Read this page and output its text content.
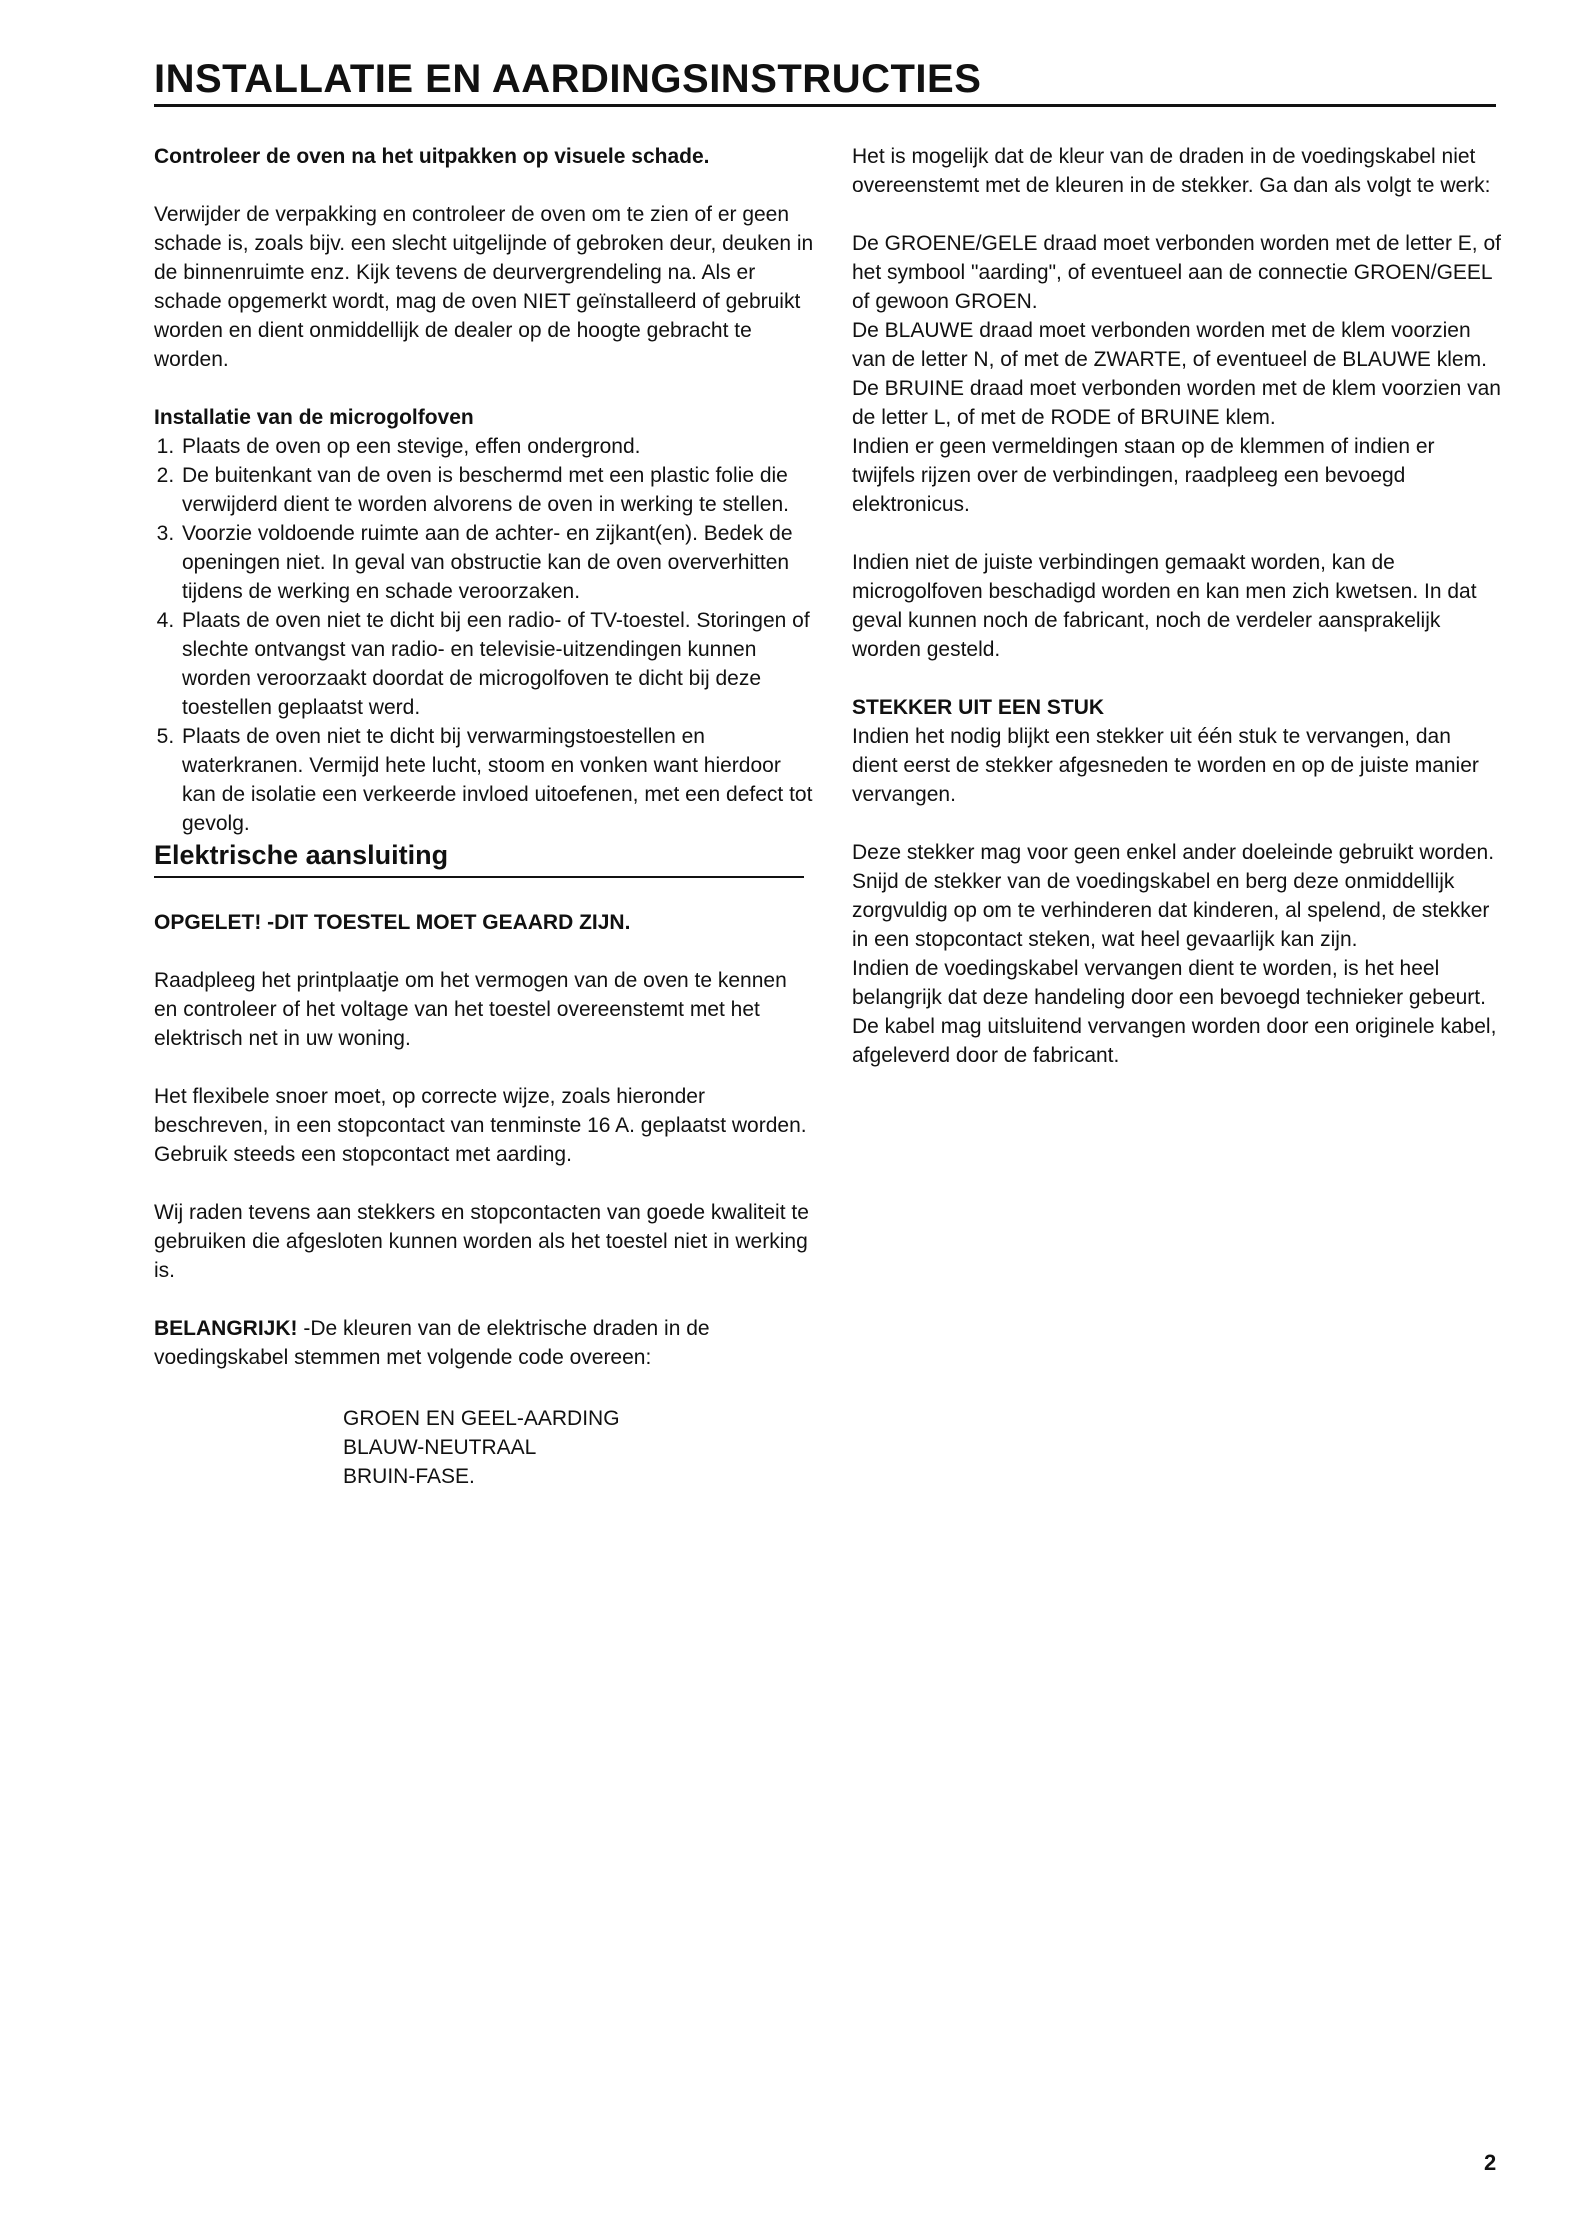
INSTALLATIE EN AARDINGSINSTRUCTIES

Controleer de oven na het uitpakken op visuele schade.

Verwijder de verpakking en controleer de oven om te zien of er geen schade is, zoals bijv. een slecht uitgelijnde of gebroken deur, deuken in de binnenruimte enz. Kijk tevens de deurvergrendeling na. Als er schade opgemerkt wordt, mag de oven NIET geïnstalleerd of gebruikt worden en dient onmiddellijk de dealer op de hoogte gebracht te worden.

Installatie van de microgolfoven

1. Plaats de oven op een stevige, effen ondergrond.
2. De buitenkant van de oven is beschermd met een plastic folie die verwijderd dient te worden alvorens de oven in werking te stellen.
3. Voorzie voldoende ruimte aan de achter- en zijkant(en). Bedek de openingen niet. In geval van obstructie kan de oven oververhitten tijdens de werking en schade veroorzaken.
4. Plaats de oven niet te dicht bij een radio- of TV-toestel. Storingen of slechte ontvangst van radio- en televisie-uitzendingen kunnen worden veroorzaakt doordat de microgolfoven te dicht bij deze toestellen geplaatst werd.
5. Plaats de oven niet te dicht bij verwarmingstoestellen en waterkranen. Vermijd hete lucht, stoom en vonken want hierdoor kan de isolatie een verkeerde invloed uitoefenen, met een defect tot gevolg.

Elektrische aansluiting

OPGELET! -DIT TOESTEL MOET GEAARD ZIJN.

Raadpleeg het printplaatje om het vermogen van de oven te kennen en controleer of het voltage van het toestel overeenstemt met het elektrisch net in uw woning.

Het flexibele snoer moet, op correcte wijze, zoals hieronder beschreven, in een stopcontact van tenminste 16 A. geplaatst worden. Gebruik steeds een stopcontact met aarding.

Wij raden tevens aan stekkers en stopcontacten van goede kwaliteit te gebruiken die afgesloten kunnen worden als het toestel niet in werking is.

BELANGRIJK! -De kleuren van de elektrische draden in de voedingskabel stemmen met volgende code overeen:

GROEN EN GEEL-AARDING

BLAUW-NEUTRAAL

BRUIN-FASE.

Het is mogelijk dat de kleur van de draden in de voedingskabel niet overeenstemt met de kleuren in de stekker. Ga dan als volgt te werk:

De GROENE/GELE draad moet verbonden worden met de letter E, of het symbool "aarding", of eventueel aan de connectie GROEN/GEEL of gewoon GROEN.

De BLAUWE draad moet verbonden worden met de klem voorzien van de letter N, of met de ZWARTE, of eventueel de BLAUWE klem.

De BRUINE draad moet verbonden worden met de klem voorzien van de letter L, of met de RODE of BRUINE klem.

Indien er geen vermeldingen staan op de klemmen of indien er twijfels rijzen over de verbindingen, raadpleeg een bevoegd elektronicus.

Indien niet de juiste verbindingen gemaakt worden, kan de microgolfoven beschadigd worden en kan men zich kwetsen. In dat geval kunnen noch de fabricant, noch de verdeler aansprakelijk worden gesteld.

STEKKER UIT EEN STUK

Indien het nodig blijkt een stekker uit één stuk te vervangen, dan dient eerst de stekker afgesneden te worden en op de juiste manier vervangen.

Deze stekker mag voor geen enkel ander doeleinde gebruikt worden. Snijd de stekker van de voedingskabel en berg deze onmiddellijk zorgvuldig op om te verhinderen dat kinderen, al spelend, de stekker in een stopcontact steken, wat heel gevaarlijk kan zijn.

Indien de voedingskabel vervangen dient te worden, is het heel belangrijk dat deze handeling door een bevoegd technieker gebeurt. De kabel mag uitsluitend vervangen worden door een originele kabel, afgeleverd door de fabricant.

2
